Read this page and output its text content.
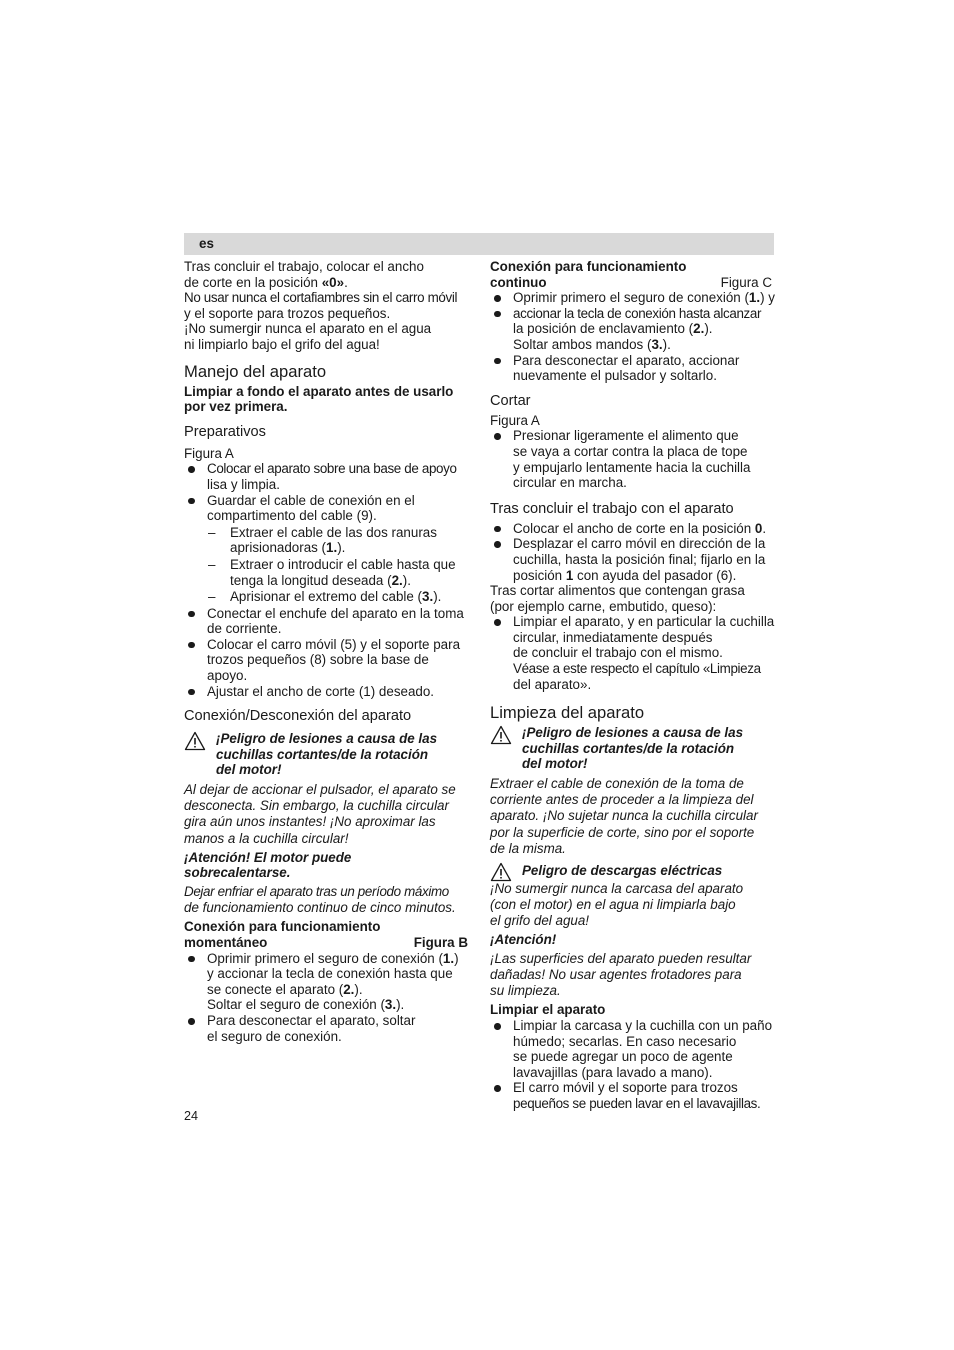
es

Tras concluir el trabajo, colocar el ancho
de corte en la posición «0».
No usar nunca el cortafiambres sin el carro móvil
y el soporte para trozos pequeños.
¡No sumergir nunca el aparato en el agua
ni limpiarlo bajo el grifo del agua!

Manejo del aparato

Limpiar a fondo el aparato antes de usarlo
por vez primera.

Preparativos

Figura A

Colocar el aparato sobre una base de apoyo
lisa y limpia.
Guardar el cable de conexión en el
compartimento del cable (9).
– Extraer el cable de las dos ranuras
aprisionadoras (1.).
– Extraer o introducir el cable hasta que
tenga la longitud deseada (2.).
– Aprisionar el extremo del cable (3.).
Conectar el enchufe del aparato en la toma
de corriente.
Colocar el carro móvil (5) y el soporte para
trozos pequeños (8) sobre la base de
apoyo.
Ajustar el ancho de corte (1) deseado.
Conexión/Desconexión del aparato
¡Peligro de lesiones a causa de las
cuchillas cortantes/de la rotación
del motor!

Al dejar de accionar el pulsador, el aparato se
desconecta. Sin embargo, la cuchilla circular
gira aún unos instantes! ¡No aproximar las
manos a la cuchilla circular!

¡Atención! El motor puede
sobrecalentarse.

Dejar enfriar el aparato tras un período máximo
de funcionamiento continuo de cinco minutos.

Conexión para funcionamiento
momentáneo	Figura B
Oprimir primero el seguro de conexión (1.)
y accionar la tecla de conexión hasta que
se conecte el aparato (2.).
Soltar el seguro de conexión (3.).
Para desconectar el aparato, soltar
el seguro de conexión.
Conexión para funcionamiento
continuo	Figura C
Oprimir primero el seguro de conexión (1.) y
accionar la tecla de conexión hasta alcanzar
la posición de enclavamiento (2.).
Soltar ambos mandos (3.).
Para desconectar el aparato, accionar
nuevamente el pulsador y soltarlo.
Cortar

Figura A

Presionar ligeramente el alimento que
se vaya a cortar contra la placa de tope
y empujarlo lentamente hacia la cuchilla
circular en marcha.
Tras concluir el trabajo con el aparato
Colocar el ancho de corte en la posición 0.
Desplazar el carro móvil en dirección de la
cuchilla, hasta la posición final; fijarlo en la
posición 1 con ayuda del pasador (6).

Tras cortar alimentos que contengan grasa
(por ejemplo carne, embutido, queso):

Limpiar el aparato, y en particular la cuchilla
circular, inmediatamente después
de concluir el trabajo con el mismo.
Véase a este respecto el capítulo «Limpieza
del aparato».
Limpieza del aparato
¡Peligro de lesiones a causa de las
cuchillas cortantes/de la rotación
del motor!

Extraer el cable de conexión de la toma de
corriente antes de proceder a la limpieza del
aparato. ¡No sujetar nunca la cuchilla circular
por la superficie de corte, sino por el soporte
de la misma.

Peligro de descargas eléctricas

¡No sumergir nunca la carcasa del aparato
(con el motor) en el agua ni limpiarla bajo
el grifo del agua!

¡Atención!

¡Las superficies del aparato pueden resultar
dañadas! No usar agentes frotadores para
su limpieza.

Limpiar el aparato

Limpiar la carcasa y la cuchilla con un paño
húmedo; secarlas. En caso necesario
se puede agregar un poco de agente
lavavajillas (para lavado a mano).
El carro móvil y el soporte para trozos
pequeños se pueden lavar en el lavavajillas.
24
